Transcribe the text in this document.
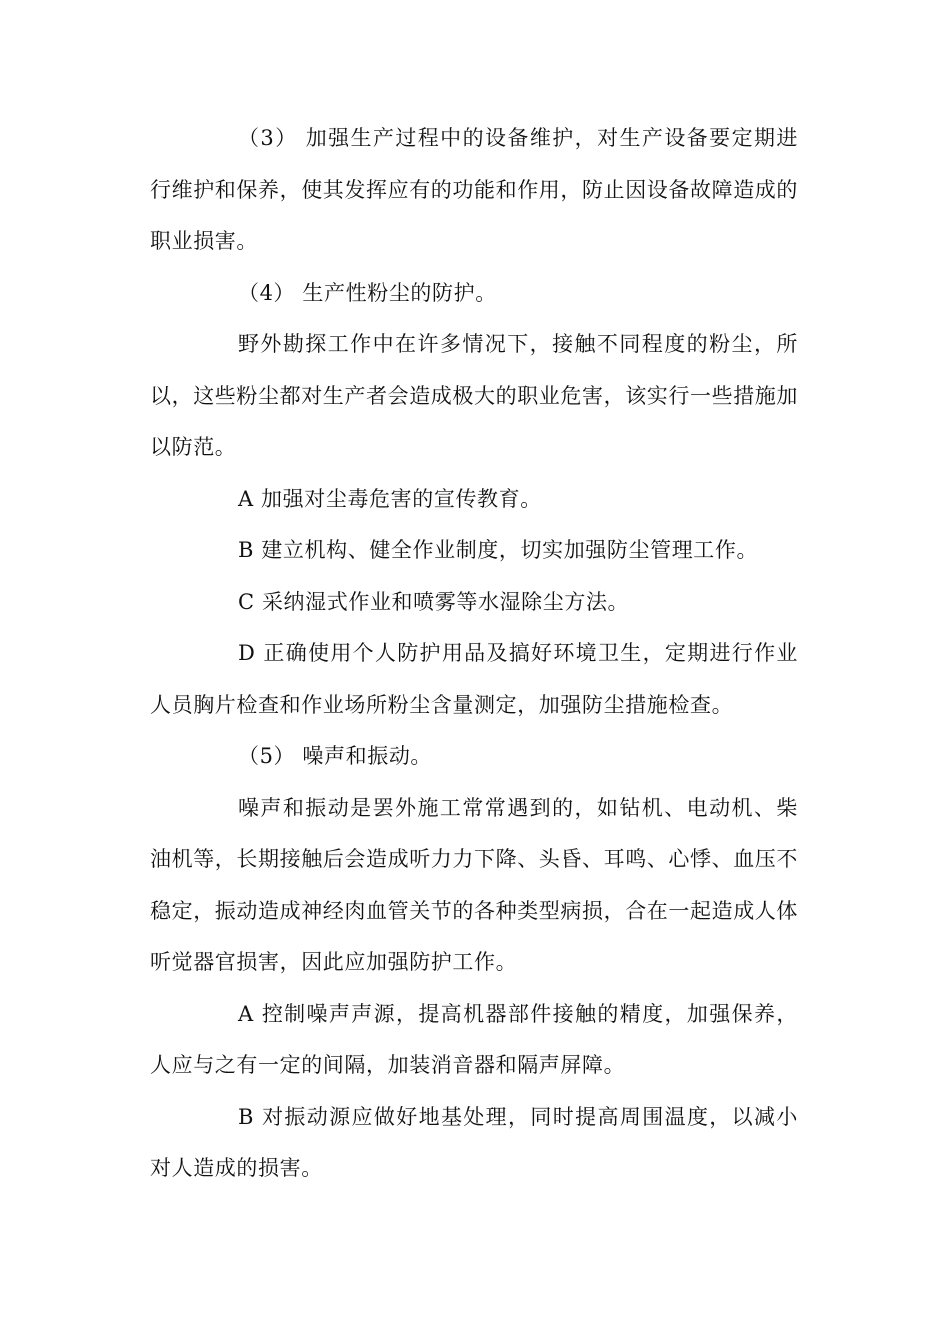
（3） 加强生产过程中的设备维护，对生产设备要定期进行维护和保养，使其发挥应有的功能和作用，防止因设备故障造成的职业损害。

（4） 生产性粉尘的防护。

野外勘探工作中在许多情况下，接触不同程度的粉尘，所以，这些粉尘都对生产者会造成极大的职业危害，该实行一些措施加以防范。

A 加强对尘毒危害的宣传教育。

B 建立机构、健全作业制度，切实加强防尘管理工作。

C 采纳湿式作业和喷雾等水湿除尘方法。

D 正确使用个人防护用品及搞好环境卫生，定期进行作业人员胸片检查和作业场所粉尘含量测定，加强防尘措施检查。

（5） 噪声和振动。

噪声和振动是罢外施工常常遇到的，如钻机、电动机、柴油机等，长期接触后会造成听力力下降、头昏、耳鸣、心悸、血压不稳定，振动造成神经肉血管关节的各种类型病损，合在一起造成人体听觉器官损害，因此应加强防护工作。

A 控制噪声声源，提高机器部件接触的精度，加强保养，人应与之有一定的间隔，加装消音器和隔声屏障。

B 对振动源应做好地基处理，同时提高周围温度，以减小对人造成的损害。
